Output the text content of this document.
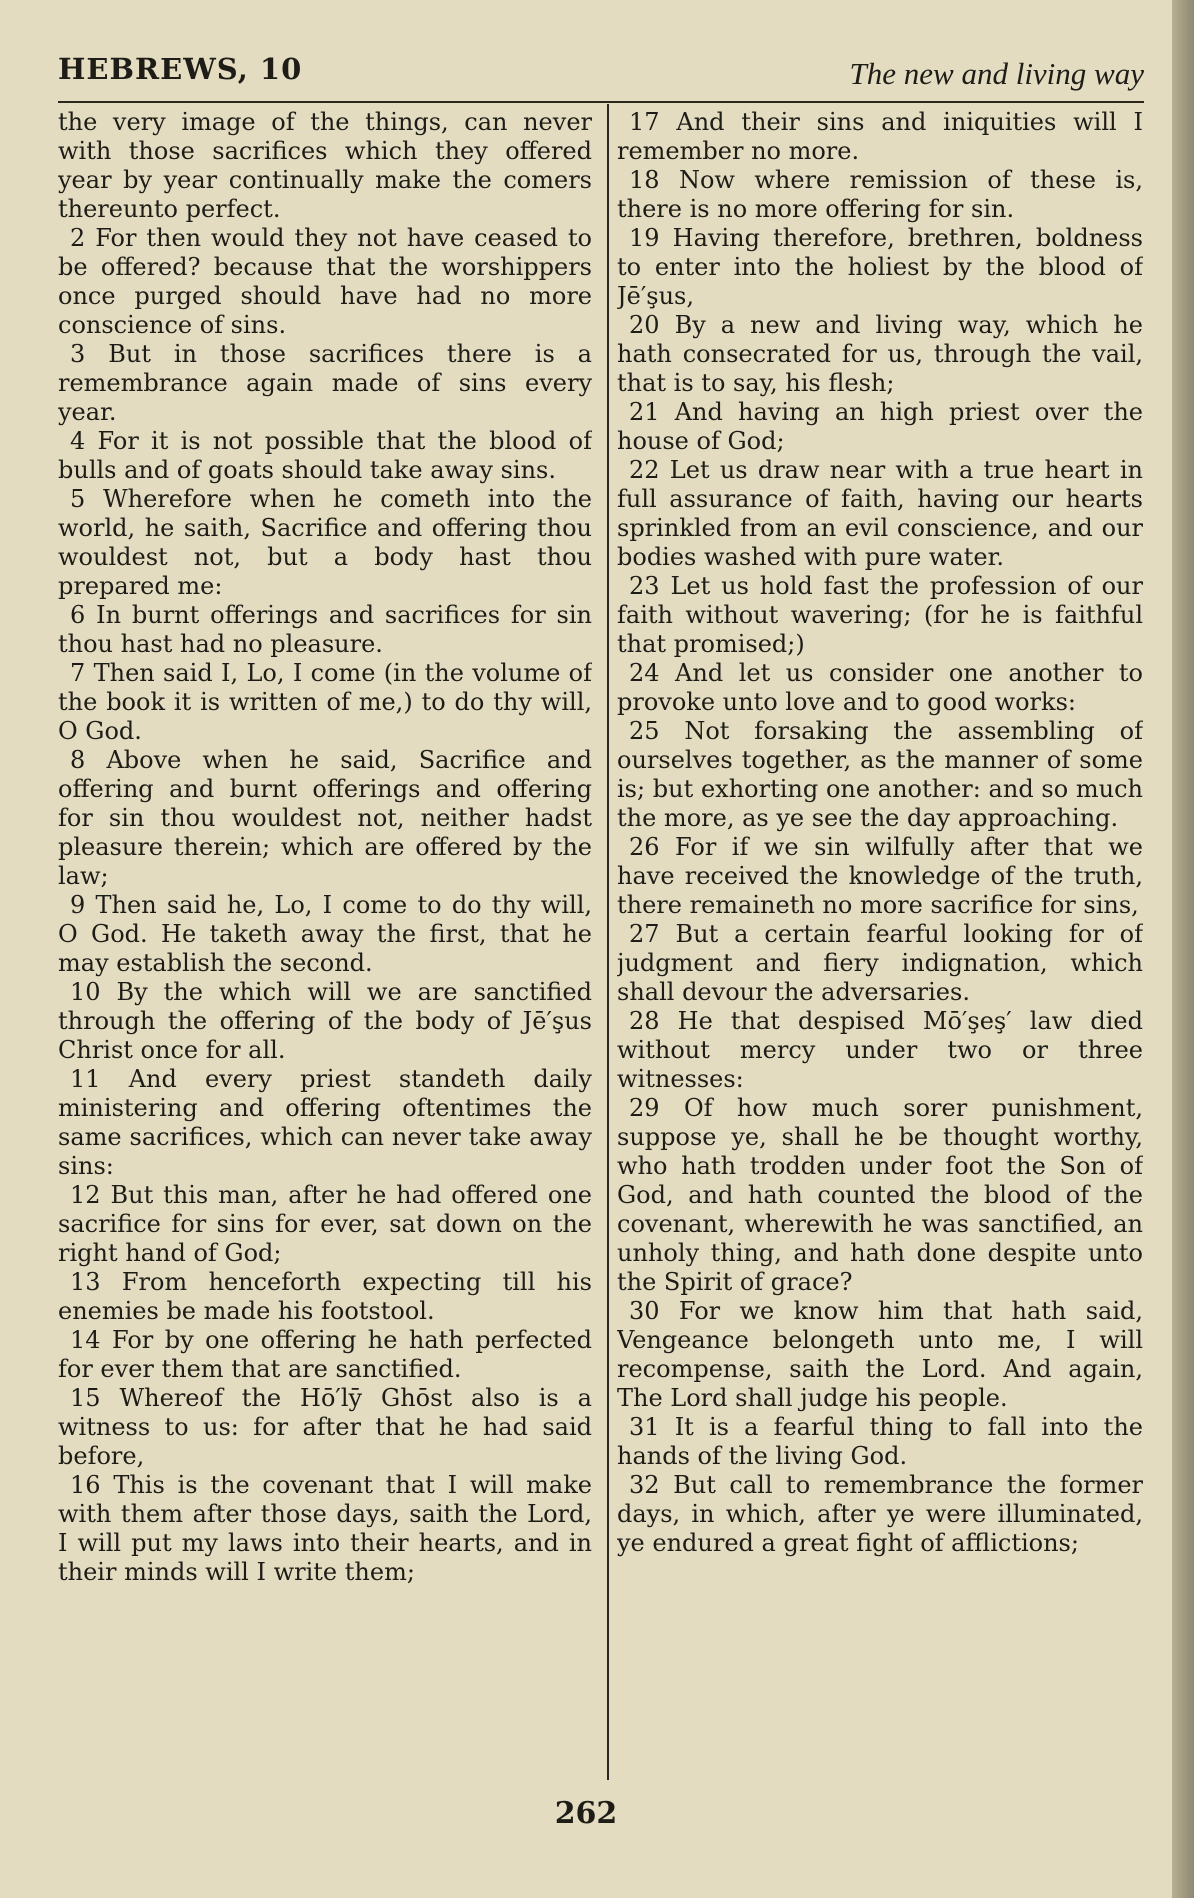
HEBREWS, 10	The new and living way

the very image of the things, can never with those sacrifices which they offered year by year continually make the comers thereunto perfect.

2 For then would they not have ceased to be offered? because that the worshippers once purged should have had no more conscience of sins.

3 But in those sacrifices there is a remembrance again made of sins every year.

4 For it is not possible that the blood of bulls and of goats should take away sins.

5 Wherefore when he cometh into the world, he saith, Sacrifice and offering thou wouldest not, but a body hast thou prepared me:

6 In burnt offerings and sacrifices for sin thou hast had no pleasure.

7 Then said I, Lo, I come (in the volume of the book it is written of me,) to do thy will, O God.

8 Above when he said, Sacrifice and offering and burnt offerings and offering for sin thou wouldest not, neither hadst pleasure therein; which are offered by the law;

9 Then said he, Lo, I come to do thy will, O God. He taketh away the first, that he may establish the second.

10 By the which will we are sanctified through the offering of the body of Jē′şus Christ once for all.

11 And every priest standeth daily ministering and offering oftentimes the same sacrifices, which can never take away sins:

12 But this man, after he had offered one sacrifice for sins for ever, sat down on the right hand of God;

13 From henceforth expecting till his enemies be made his footstool.

14 For by one offering he hath perfected for ever them that are sanctified.

15 Whereof the Hō′lȳ Ghōst also is a witness to us: for after that he had said before,

16 This is the covenant that I will make with them after those days, saith the Lord, I will put my laws into their hearts, and in their minds will I write them;

17 And their sins and iniquities will I remember no more.

18 Now where remission of these is, there is no more offering for sin.

19 Having therefore, brethren, boldness to enter into the holiest by the blood of Jē′şus,

20 By a new and living way, which he hath consecrated for us, through the vail, that is to say, his flesh;

21 And having an high priest over the house of God;

22 Let us draw near with a true heart in full assurance of faith, having our hearts sprinkled from an evil conscience, and our bodies washed with pure water.

23 Let us hold fast the profession of our faith without wavering; (for he is faithful that promised;)

24 And let us consider one another to provoke unto love and to good works:

25 Not forsaking the assembling of ourselves together, as the manner of some is; but exhorting one another: and so much the more, as ye see the day approaching.

26 For if we sin wilfully after that we have received the knowledge of the truth, there remaineth no more sacrifice for sins,

27 But a certain fearful looking for of judgment and fiery indignation, which shall devour the adversaries.

28 He that despised Mō′şeş′ law died without mercy under two or three witnesses:

29 Of how much sorer punishment, suppose ye, shall he be thought worthy, who hath trodden under foot the Son of God, and hath counted the blood of the covenant, wherewith he was sanctified, an unholy thing, and hath done despite unto the Spirit of grace?

30 For we know him that hath said, Vengeance belongeth unto me, I will recompense, saith the Lord. And again, The Lord shall judge his people.

31 It is a fearful thing to fall into the hands of the living God.

32 But call to remembrance the former days, in which, after ye were illuminated, ye endured a great fight of afflictions;

262
